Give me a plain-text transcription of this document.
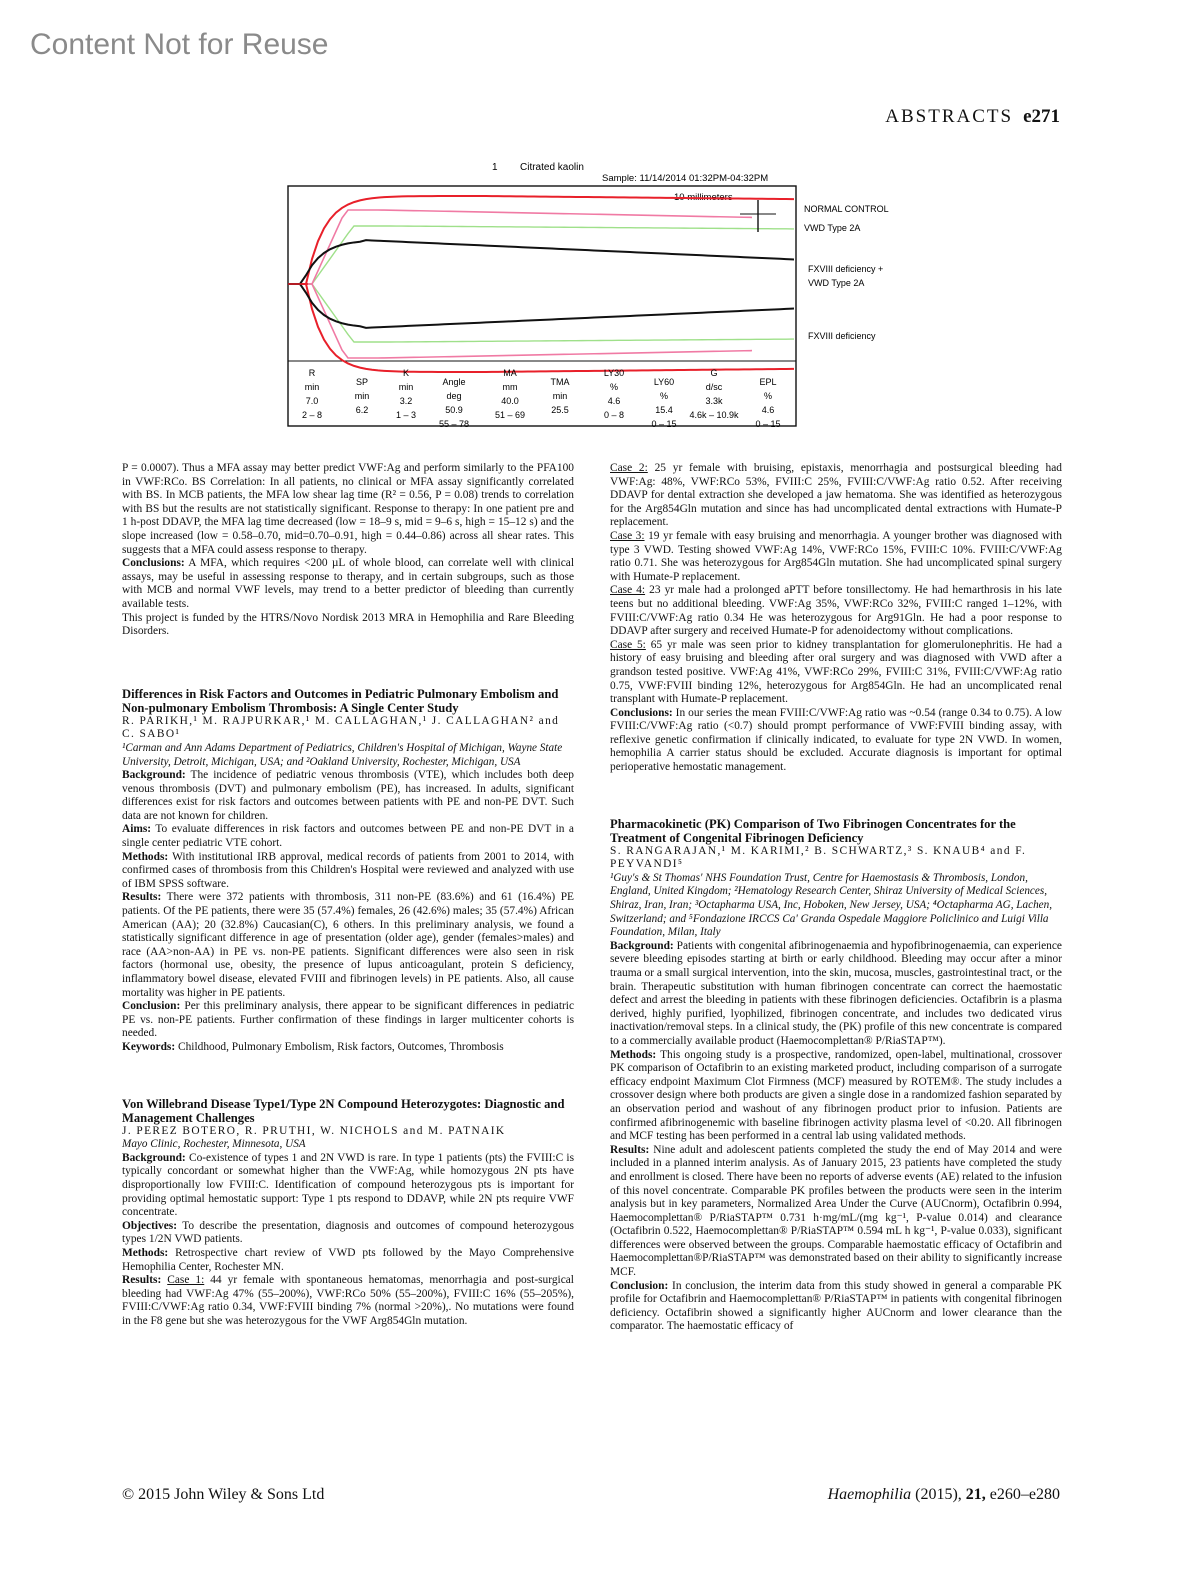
Content Not for Reuse
ABSTRACTS e271
1 Citrated kaolin
Sample: 11/14/2014 01:32PM-04:32PM
10 millimeters
NORMAL CONTROL
VWD Type 2A
FXVIII deficiency +
VWD Type 2A
FXVIII deficiency
R
min
7.0
2 – 8
SP
min
6.2
K
min
3.2
1 – 3
Angle
deg
50.9
55 – 78
MA
mm
40.0
51 – 69
TMA
min
25.5
LY30
%
4.6
0 – 8
LY60
%
15.4
0 – 15
G
d/sc
3.3k
4.6k – 10.9k
EPL
%
4.6
0 – 15

P = 0.0007). Thus a MFA assay may better predict VWF:Ag and perform similarly to the PFA100 in VWF:RCo. BS Correlation: In all patients, no clinical or MFA assay significantly correlated with BS. In MCB patients, the MFA low shear lag time (R² = 0.56, P = 0.08) trends to correlation with BS but the results are not statistically significant. Response to therapy: In one patient pre and 1 h-post DDAVP, the MFA lag time decreased (low = 18–9 s, mid = 9–6 s, high = 15–12 s) and the slope increased (low = 0.58–0.70, mid=0.70–0.91, high = 0.44–0.86) across all shear rates. This suggests that a MFA could assess response to therapy.

Conclusions: A MFA, which requires <200 µL of whole blood, can correlate well with clinical assays, may be useful in assessing response to therapy, and in certain subgroups, such as those with MCB and normal VWF levels, may trend to a better predictor of bleeding than currently available tests.

This project is funded by the HTRS/Novo Nordisk 2013 MRA in Hemophilia and Rare Bleeding Disorders.

Differences in Risk Factors and Outcomes in Pediatric Pulmonary Embolism and Non-pulmonary Embolism Thrombosis: A Single Center Study

R. PARIKH,¹ M. RAJPURKAR,¹ M. CALLAGHAN,¹ J. CALLAGHAN² and C. SABO¹

¹Carman and Ann Adams Department of Pediatrics, Children's Hospital of Michigan, Wayne State University, Detroit, Michigan, USA; and ²Oakland University, Rochester, Michigan, USA

Background: The incidence of pediatric venous thrombosis (VTE), which includes both deep venous thrombosis (DVT) and pulmonary embolism (PE), has increased. In adults, significant differences exist for risk factors and outcomes between patients with PE and non-PE DVT. Such data are not known for children.

Aims: To evaluate differences in risk factors and outcomes between PE and non-PE DVT in a single center pediatric VTE cohort.

Methods: With institutional IRB approval, medical records of patients from 2001 to 2014, with confirmed cases of thrombosis from this Children's Hospital were reviewed and analyzed with use of IBM SPSS software.

Results: There were 372 patients with thrombosis, 311 non-PE (83.6%) and 61 (16.4%) PE patients. Of the PE patients, there were 35 (57.4%) females, 26 (42.6%) males; 35 (57.4%) African American (AA); 20 (32.8%) Caucasian(C), 6 others. In this preliminary analysis, we found a statistically significant difference in age of presentation (older age), gender (females>males) and race (AA>non-AA) in PE vs. non-PE patients. Significant differences were also seen in risk factors (hormonal use, obesity, the presence of lupus anticoagulant, protein S deficiency, inflammatory bowel disease, elevated FVIII and fibrinogen levels) in PE patients. Also, all cause mortality was higher in PE patients.

Conclusion: Per this preliminary analysis, there appear to be significant differences in pediatric PE vs. non-PE patients. Further confirmation of these findings in larger multicenter cohorts is needed.

Keywords: Childhood, Pulmonary Embolism, Risk factors, Outcomes, Thrombosis

Von Willebrand Disease Type1/Type 2N Compound Heterozygotes: Diagnostic and Management Challenges

J. PEREZ BOTERO, R. PRUTHI, W. NICHOLS and M. PATNAIK

Mayo Clinic, Rochester, Minnesota, USA

Background: Co-existence of types 1 and 2N VWD is rare. In type 1 patients (pts) the FVIII:C is typically concordant or somewhat higher than the VWF:Ag, while homozygous 2N pts have disproportionally low FVIII:C. Identification of compound heterozygous pts is important for providing optimal hemostatic support: Type 1 pts respond to DDAVP, while 2N pts require VWF concentrate.

Objectives: To describe the presentation, diagnosis and outcomes of compound heterozygous types 1/2N VWD patients.

Methods: Retrospective chart review of VWD pts followed by the Mayo Comprehensive Hemophilia Center, Rochester MN.

Results: Case 1: 44 yr female with spontaneous hematomas, menorrhagia and post-surgical bleeding had VWF:Ag 47% (55–200%), VWF:RCo 50% (55–200%), FVIII:C 16% (55–205%), FVIII:C/VWF:Ag ratio 0.34, VWF:FVIII binding 7% (normal >20%),. No mutations were found in the F8 gene but she was heterozygous for the VWF Arg854Gln mutation.

Case 2: 25 yr female with bruising, epistaxis, menorrhagia and postsurgical bleeding had VWF:Ag: 48%, VWF:RCo 53%, FVIII:C 25%, FVIII:C/VWF:Ag ratio 0.52. After receiving DDAVP for dental extraction she developed a jaw hematoma. She was identified as heterozygous for the Arg854Gln mutation and since has had uncomplicated dental extractions with Humate-P replacement.

Case 3: 19 yr female with easy bruising and menorrhagia. A younger brother was diagnosed with type 3 VWD. Testing showed VWF:Ag 14%, VWF:RCo 15%, FVIII:C 10%. FVIII:C/VWF:Ag ratio 0.71. She was heterozygous for Arg854Gln mutation. She had uncomplicated spinal surgery with Humate-P replacement.

Case 4: 23 yr male had a prolonged aPTT before tonsillectomy. He had hemarthrosis in his late teens but no additional bleeding. VWF:Ag 35%, VWF:RCo 32%, FVIII:C ranged 1–12%, with FVIII:C/VWF:Ag ratio 0.34 He was heterozygous for Arg91Gln. He had a poor response to DDAVP after surgery and received Humate-P for adenoidectomy without complications.

Case 5: 65 yr male was seen prior to kidney transplantation for glomerulonephritis. He had a history of easy bruising and bleeding after oral surgery and was diagnosed with VWD after a grandson tested positive. VWF:Ag 41%, VWF:RCo 29%, FVIII:C 31%, FVIII:C/VWF:Ag ratio 0.75, VWF:FVIII binding 12%, heterozygous for Arg854Gln. He had an uncomplicated renal transplant with Humate-P replacement.

Conclusions: In our series the mean FVIII:C/VWF:Ag ratio was ~0.54 (range 0.34 to 0.75). A low FVIII:C/VWF:Ag ratio (<0.7) should prompt performance of VWF:FVIII binding assay, with reflexive genetic confirmation if clinically indicated, to evaluate for type 2N VWD. In women, hemophilia A carrier status should be excluded. Accurate diagnosis is important for optimal perioperative hemostatic management.

Pharmacokinetic (PK) Comparison of Two Fibrinogen Concentrates for the Treatment of Congenital Fibrinogen Deficiency

S. RANGARAJAN,¹ M. KARIMI,² B. SCHWARTZ,³ S. KNAUB⁴ and F. PEYVANDI⁵

¹Guy's & St Thomas' NHS Foundation Trust, Centre for Haemostasis & Thrombosis, London, England, United Kingdom; ²Hematology Research Center, Shiraz University of Medical Sciences, Shiraz, Iran, Iran; ³Octapharma USA, Inc, Hoboken, New Jersey, USA; ⁴Octapharma AG, Lachen, Switzerland; and ⁵Fondazione IRCCS Ca' Granda Ospedale Maggiore Policlinico and Luigi Villa Foundation, Milan, Italy

Background: Patients with congenital afibrinogenaemia and hypofibrinogenaemia, can experience severe bleeding episodes starting at birth or early childhood. Bleeding may occur after a minor trauma or a small surgical intervention, into the skin, mucosa, muscles, gastrointestinal tract, or the brain. Therapeutic substitution with human fibrinogen concentrate can correct the haemostatic defect and arrest the bleeding in patients with these fibrinogen deficiencies. Octafibrin is a plasma derived, highly purified, lyophilized, fibrinogen concentrate, and includes two dedicated virus inactivation/removal steps. In a clinical study, the (PK) profile of this new concentrate is compared to a commercially available product (Haemocomplettan® P/RiaSTAP™).

Methods: This ongoing study is a prospective, randomized, open-label, multinational, crossover PK comparison of Octafibrin to an existing marketed product, including comparison of a surrogate efficacy endpoint Maximum Clot Firmness (MCF) measured by ROTEM®. The study includes a crossover design where both products are given a single dose in a randomized fashion separated by an observation period and washout of any fibrinogen product prior to infusion. Patients are confirmed afibrinogenemic with baseline fibrinogen activity plasma level of <0.20. All fibrinogen and MCF testing has been performed in a central lab using validated methods.

Results: Nine adult and adolescent patients completed the study the end of May 2014 and were included in a planned interim analysis. As of January 2015, 23 patients have completed the study and enrollment is closed. There have been no reports of adverse events (AE) related to the infusion of this novel concentrate. Comparable PK profiles between the products were seen in the interim analysis but in key parameters, Normalized Area Under the Curve (AUCnorm), Octafibrin 0.994, Haemocomplettan® P/RiaSTAP™ 0.731 h·mg/mL/(mg kg⁻¹, P-value 0.014) and clearance (Octafibrin 0.522, Haemocomplettan® P/RiaSTAP™ 0.594 mL h kg⁻¹, P-value 0.033), significant differences were observed between the groups. Comparable haemostatic efficacy of Octafibrin and Haemocomplettan®P/RiaSTAP™ was demonstrated based on their ability to significantly increase MCF.

Conclusion: In conclusion, the interim data from this study showed in general a comparable PK profile for Octafibrin and Haemocomplettan® P/RiaSTAP™ in patients with congenital fibrinogen deficiency. Octafibrin showed a significantly higher AUCnorm and lower clearance than the comparator. The haemostatic efficacy of

© 2015 John Wiley & Sons Ltd	Haemophilia (2015), 21, e260–e280
